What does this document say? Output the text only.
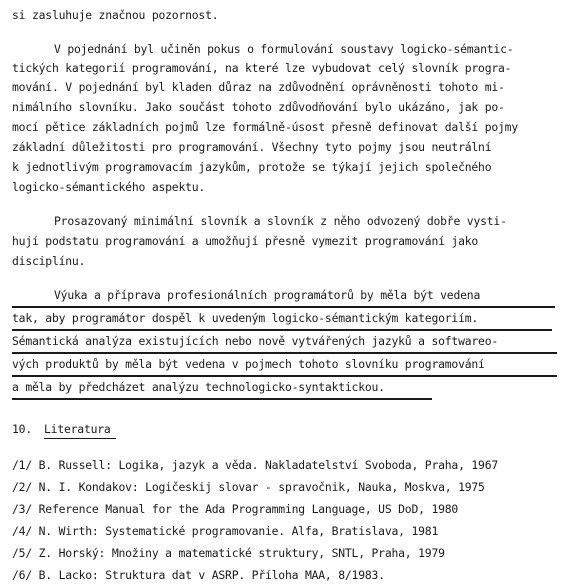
si zasluhuje značnou pozornost.
V pojednání byl učiněn pokus o formulování soustavy logicko-sémantic-
tických kategorií programování, na které lze vybudovat celý slovník progra-
mování. V pojednání byl kladen důraz na zdůvodnění oprávněnosti tohoto mi-
nimálního slovníku. Jako součást tohoto zdůvodňování bylo ukázáno, jak po-
mocí pětice základních pojmů lze formálně-úsost přesně definovat další pojmy
základní důležitosti pro programování. Všechny tyto pojmy jsou neutrální
k jednotlivým programovacím jazykům, protože se týkají jejich společného
logicko-sémantického aspektu.
Prosazovaný minimální slovník a slovník z něho odvozený dobře vysti-
hují podstatu programování a umožňují přesně vymezit programování jako
disciplínu.
Výuka a příprava profesionálních programátorů by měla být vedena
tak, aby programátor dospěl k uvedeným logicko-sémantickým kategoriím.
Sémantická analýza existujících nebo nově vytvářených jazyků a softwareo-
vých produktů by měla být vedena v pojmech tohoto slovníku programování
a měla by předcházet analýzu technologicko-syntaktickou.
10. Literatura
/1/ B. Russell: Logika, jazyk a věda. Nakladatelství Svoboda, Praha, 1967
/2/ N. I. Kondakov: Logičeskij slovar - spravočnik, Nauka, Moskva, 1975
/3/ Reference Manual for the Ada Programming Language, US DoD, 1980
/4/ N. Wirth: Systematické programovanie. Alfa, Bratislava, 1981
/5/ Z. Horský: Množiny a matematické struktury, SNTL, Praha, 1979
/6/ B. Lacko: Struktura dat v ASRP. Příloha MAA, 8/1983.
